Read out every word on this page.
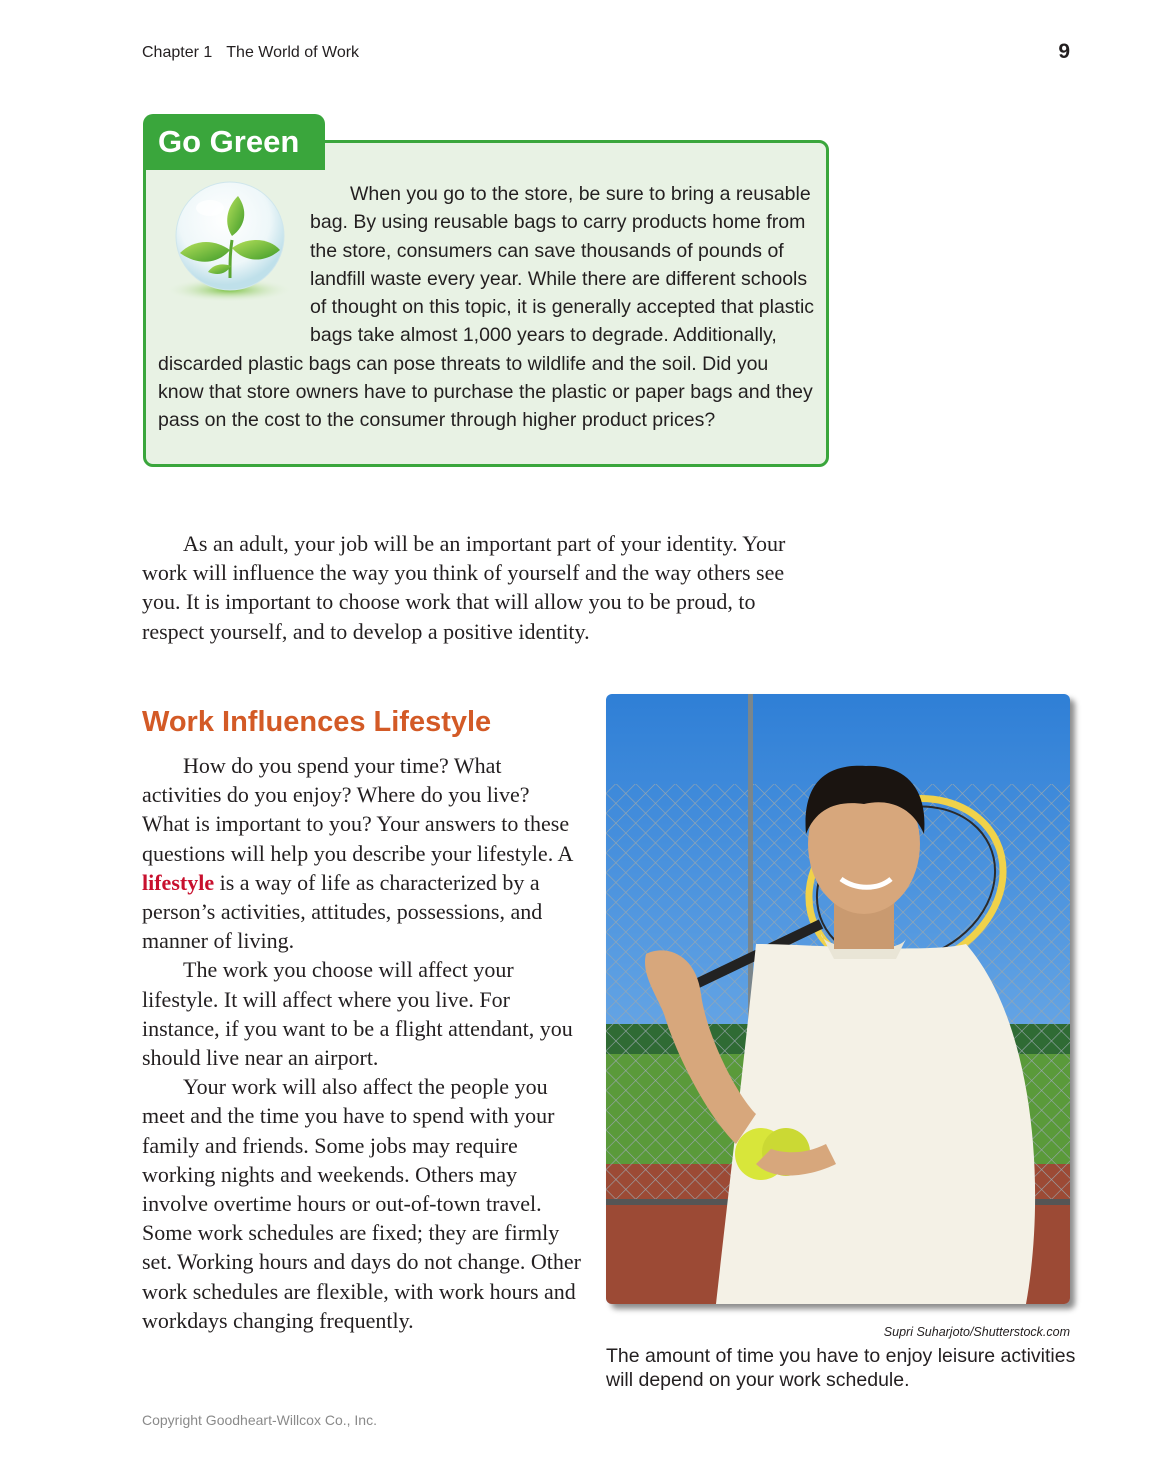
Chapter 1 The World of Work	9
Go Green
When you go to the store, be sure to bring a reusable bag. By using reusable bags to carry products home from the store, consumers can save thousands of pounds of landfill waste every year. While there are different schools of thought on this topic, it is generally accepted that plastic bags take almost 1,000 years to degrade. Additionally, discarded plastic bags can pose threats to wildlife and the soil. Did you know that store owners have to purchase the plastic or paper bags and they pass on the cost to the consumer through higher product prices?

As an adult, your job will be an important part of your identity. Your work will influence the way you think of yourself and the way others see you. It is important to choose work that will allow you to be proud, to respect yourself, and to develop a positive identity.

Work Influences Lifestyle

How do you spend your time? What activities do you enjoy? Where do you live? What is important to you? Your answers to these questions will help you describe your lifestyle. A lifestyle is a way of life as characterized by a person’s activities, attitudes, possessions, and manner of living.

The work you choose will affect your lifestyle. It will affect where you live. For instance, if you want to be a flight attendant, you should live near an airport.

Your work will also affect the people you meet and the time you have to spend with your family and friends. Some jobs may require working nights and weekends. Others may involve overtime hours or out-of-town travel. Some work schedules are fixed; they are firmly set. Working hours and days do not change. Other work schedules are flexible, with work hours and workdays changing frequently.	Supri Suharjoto/Shutterstock.com
The amount of time you have to enjoy leisure activities will depend on your work schedule.
Copyright Goodheart-Willcox Co., Inc.
